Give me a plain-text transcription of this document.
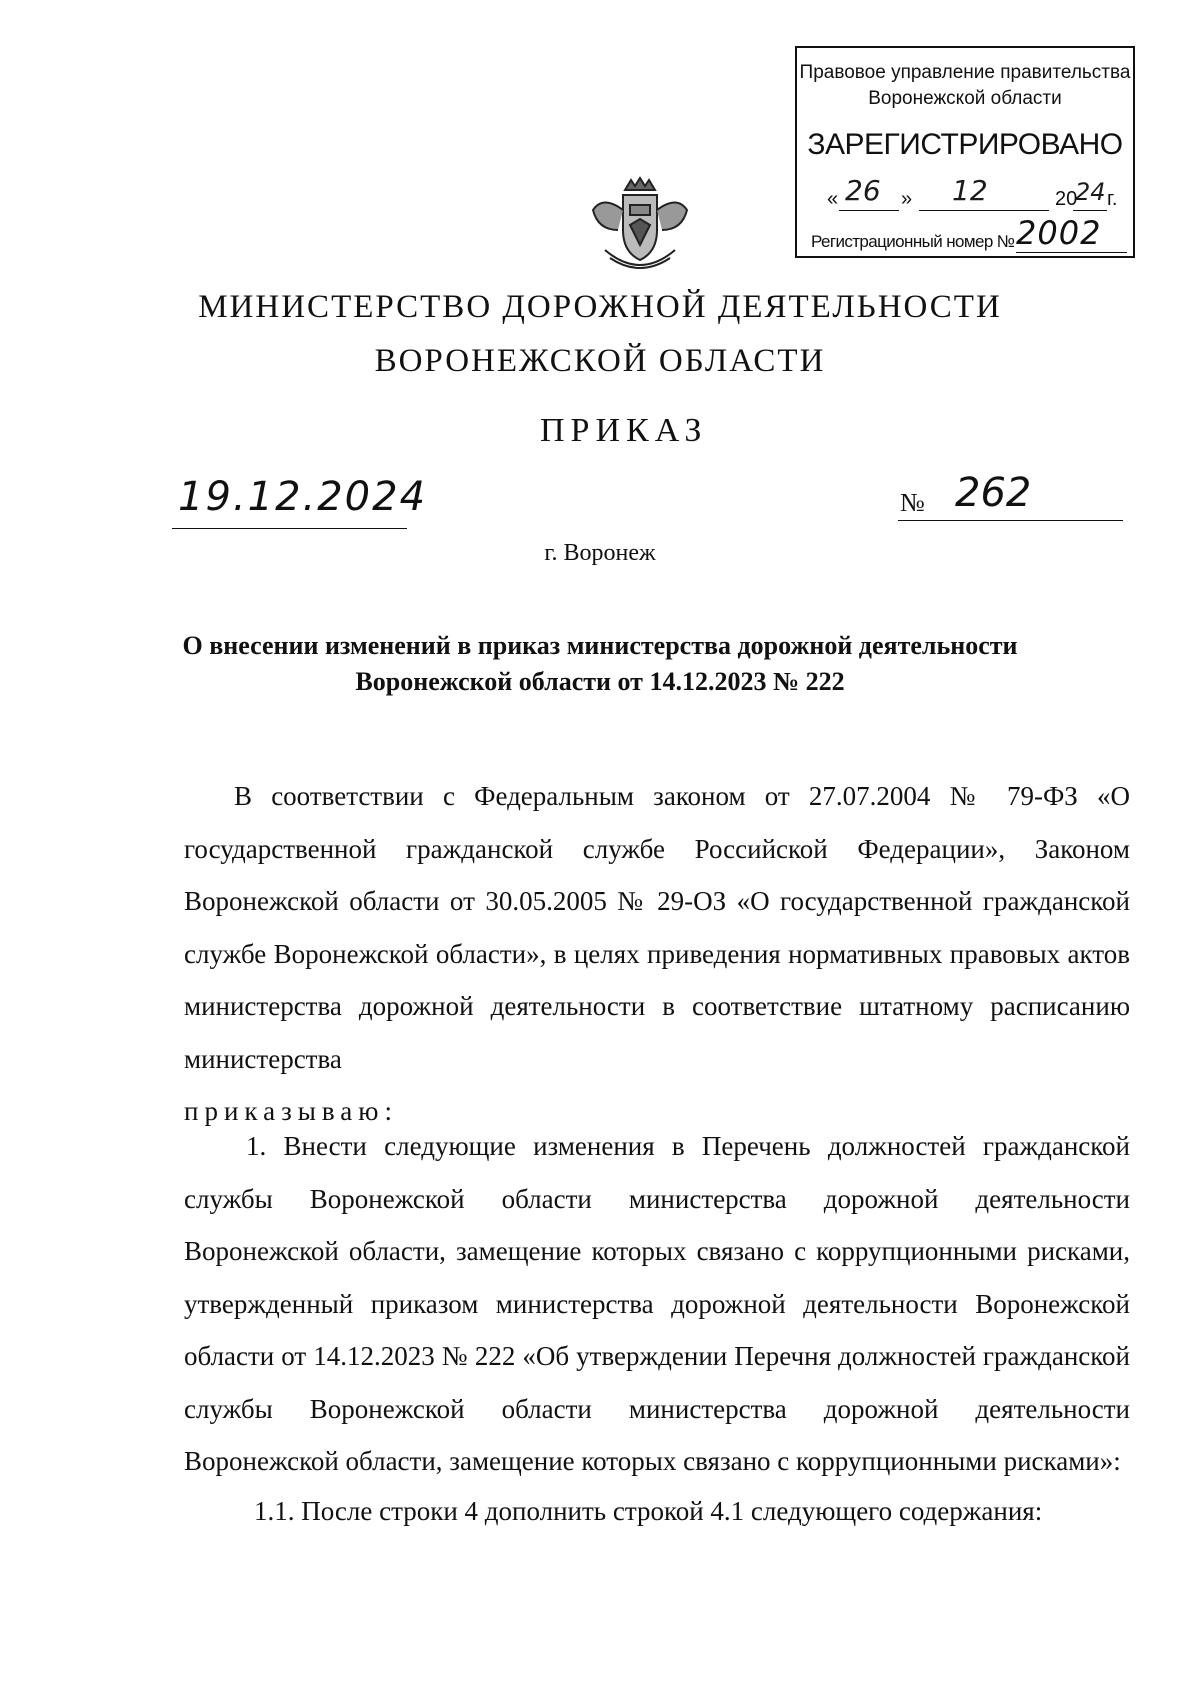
Правовое управление правительства Воронежской области
ЗАРЕГИСТРИРОВАНО
« 26 » 12	20
24 г.
Регистрационный номер № 2002
МИНИСТЕРСТВО ДОРОЖНОЙ ДЕЯТЕЛЬНОСТИ
ВОРОНЕЖСКОЙ ОБЛАСТИ
ПРИКАЗ
19.12.2024	№ 262
г. Воронеж
О внесении изменений в приказ министерства дорожной деятельности
Воронежской области от 14.12.2023 № 222
В соответствии с Федеральным законом от 27.07.2004 № 79-ФЗ «О государственной гражданской службе Российской Федерации», Законом Воронежской области от 30.05.2005 № 29-ОЗ «О государственной гражданской службе Воронежской области», в целях приведения нормативных правовых актов министерства дорожной деятельности в соответствие штатному расписанию министерства
приказываю:
1. Внести следующие изменения в Перечень должностей гражданской службы Воронежской области министерства дорожной деятельности Воронежской области, замещение которых связано с коррупционными рисками, утвержденный приказом министерства дорожной деятельности Воронежской области от 14.12.2023 № 222 «Об утверждении Перечня должностей гражданской службы Воронежской области министерства дорожной деятельности Воронежской области, замещение которых связано с коррупционными рисками»:
1.1. После строки 4 дополнить строкой 4.1 следующего содержания:
